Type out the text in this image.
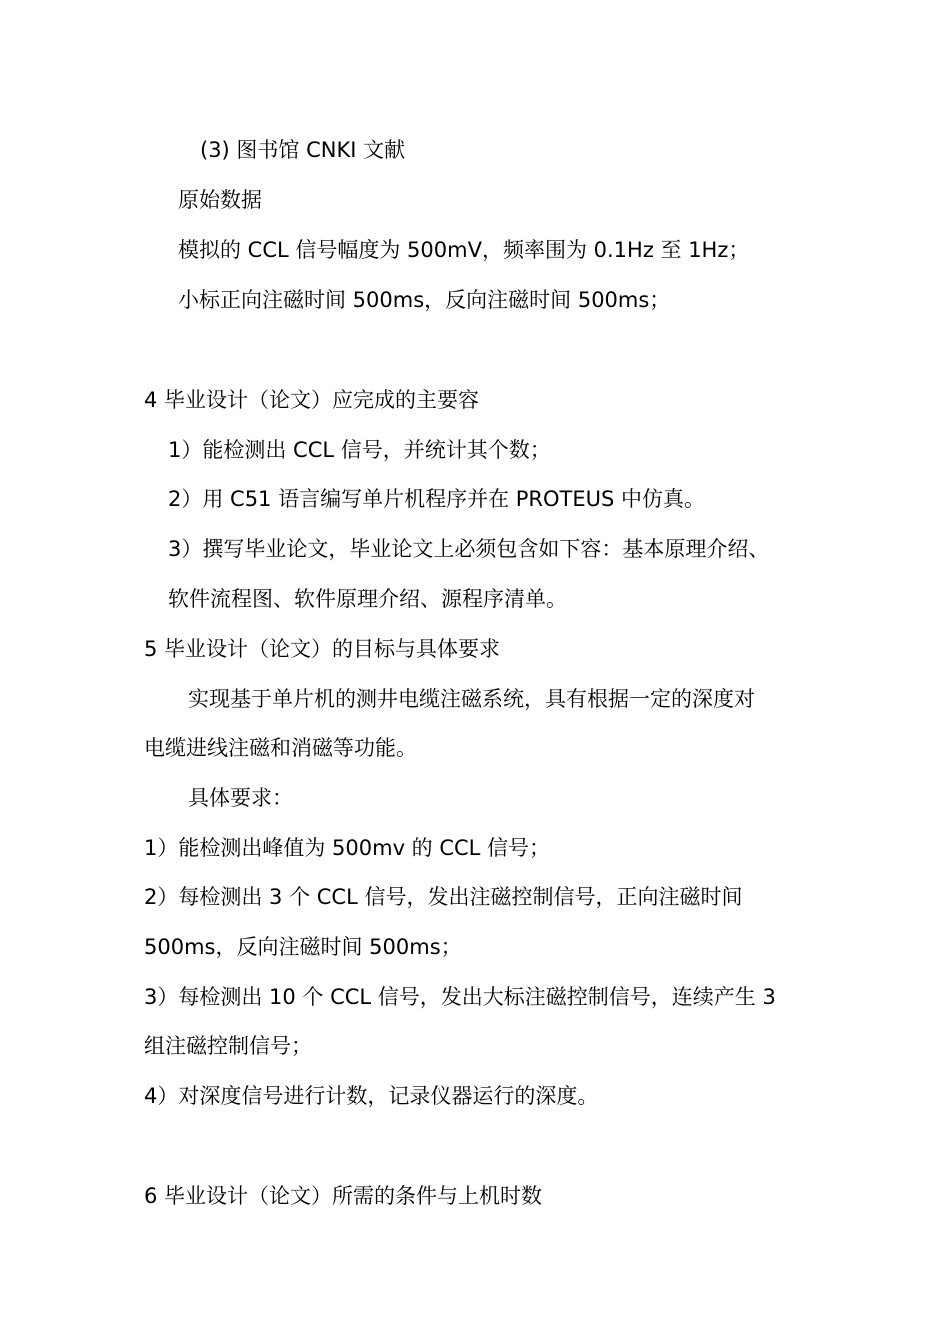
(3) 图书馆 CNKI 文献
原始数据
模拟的 CCL 信号幅度为 500mV，频率围为 0.1Hz 至 1Hz；
小标正向注磁时间 500ms，反向注磁时间 500ms；
4 毕业设计（论文）应完成的主要容
1）能检测出 CCL 信号，并统计其个数；
2）用 C51 语言编写单片机程序并在 PROTEUS 中仿真。
3）撰写毕业论文，毕业论文上必须包含如下容：基本原理介绍、
软件流程图、软件原理介绍、源程序清单。
5 毕业设计（论文）的目标与具体要求
实现基于单片机的测井电缆注磁系统，具有根据一定的深度对
电缆进线注磁和消磁等功能。
具体要求：
1）能检测出峰值为 500mv 的 CCL 信号；
2）每检测出 3 个 CCL 信号，发出注磁控制信号，正向注磁时间
500ms，反向注磁时间 500ms；
3）每检测出 10 个 CCL 信号，发出大标注磁控制信号，连续产生 3
组注磁控制信号；
4）对深度信号进行计数，记录仪器运行的深度。
6 毕业设计（论文）所需的条件与上机时数
